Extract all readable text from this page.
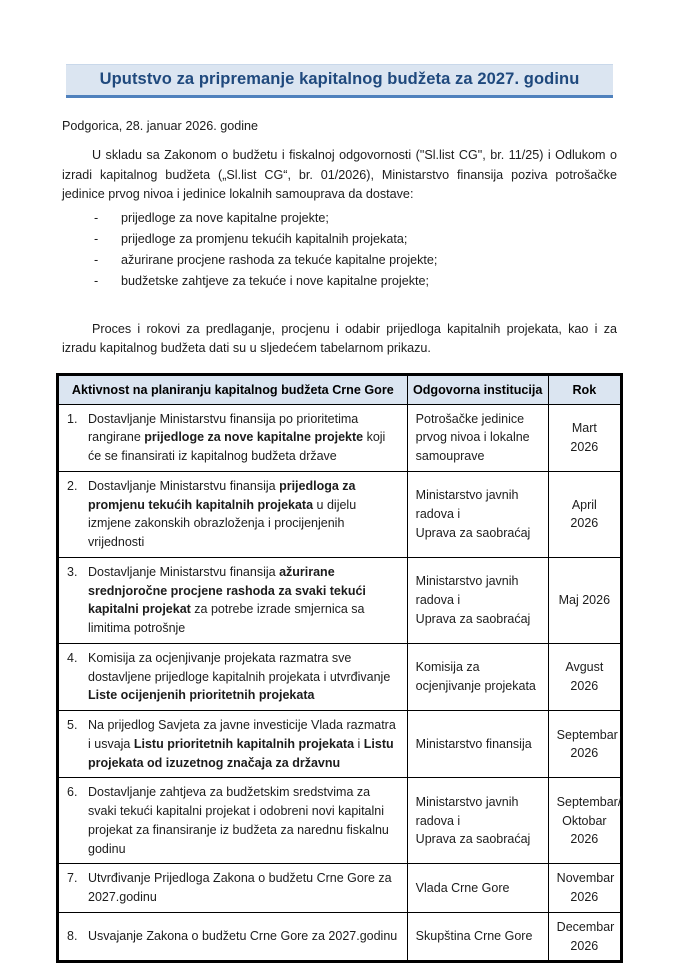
Uputstvo za pripremanje kapitalnog budžeta za 2027. godinu

Podgorica, 28. januar 2026. godine

U skladu sa Zakonom o budžetu i fiskalnoj odgovornosti ("Sl.list CG", br. 11/25) i Odlukom o izradi kapitalnog budžeta („Sl.list CG“, br. 01/2026), Ministarstvo finansija poziva potrošačke jedinice prvog nivoa i jedinice lokalnih samouprava da dostave:

-	prijedloge za nove kapitalne projekte;
-	prijedloge za promjenu tekućih kapitalnih projekata;
-	ažurirane procjene rashoda za tekuće kapitalne projekte;
-	budžetske zahtjeve za tekuće i nove kapitalne projekte;

Proces i rokovi za predlaganje, procjenu i odabir prijedloga kapitalnih projekata, kao i za izradu kapitalnog budžeta dati su u sljedećem tabelarnom prikazu.

Aktivnost na planiranju kapitalnog budžeta Crne Gore	Odgovorna institucija	Rok

1. Dostavljanje Ministarstvu finansija po prioritetima rangirane prijedloge za nove kapitalne projekte koji će se finansirati iz kapitalnog budžeta države	Potrošačke jedinice prvog nivoa i lokalne samouprave	Mart 2026

2. Dostavljanje Ministarstvu finansija prijedloga za promjenu tekućih kapitalnih projekata u dijelu izmjene zakonskih obrazloženja i procijenjenih vrijednosti	Ministarstvo javnih radova i
Uprava za saobraćaj	April 2026

3. Dostavljanje Ministarstvu finansija ažurirane srednjoročne procjene rashoda za svaki tekući kapitalni projekat za potrebe izrade smjernica sa limitima potrošnje	Ministarstvo javnih radova i
Uprava za saobraćaj	Maj 2026

4. Komisija za ocjenjivanje projekata razmatra sve dostavljene prijedloge kapitalnih projekata i utvrđivanje Liste ocijenjenih prioritetnih projekata	Komisija za
ocjenjivanje projekata	Avgust
2026

5. Na prijedlog Savjeta za javne investicije Vlada razmatra i usvaja Listu prioritetnih kapitalnih projekata i Listu projekata od izuzetnog značaja za državnu	Ministarstvo finansija	Septembar
2026

6. Dostavljanje zahtjeva za budžetskim sredstvima za svaki tekući kapitalni projekat i odobreni novi kapitalni projekat za finansiranje iz budžeta za narednu fiskalnu godinu	Ministarstvo javnih radova i
Uprava za saobraćaj	Septembar/
Oktobar
2026

7. Utvrđivanje Prijedloga Zakona o budžetu Crne Gore za 2027.godinu	Vlada Crne Gore	Novembar
2026

8. Usvajanje Zakona o budžetu Crne Gore za 2027.godinu	Skupština Crne Gore	Decembar
2026
